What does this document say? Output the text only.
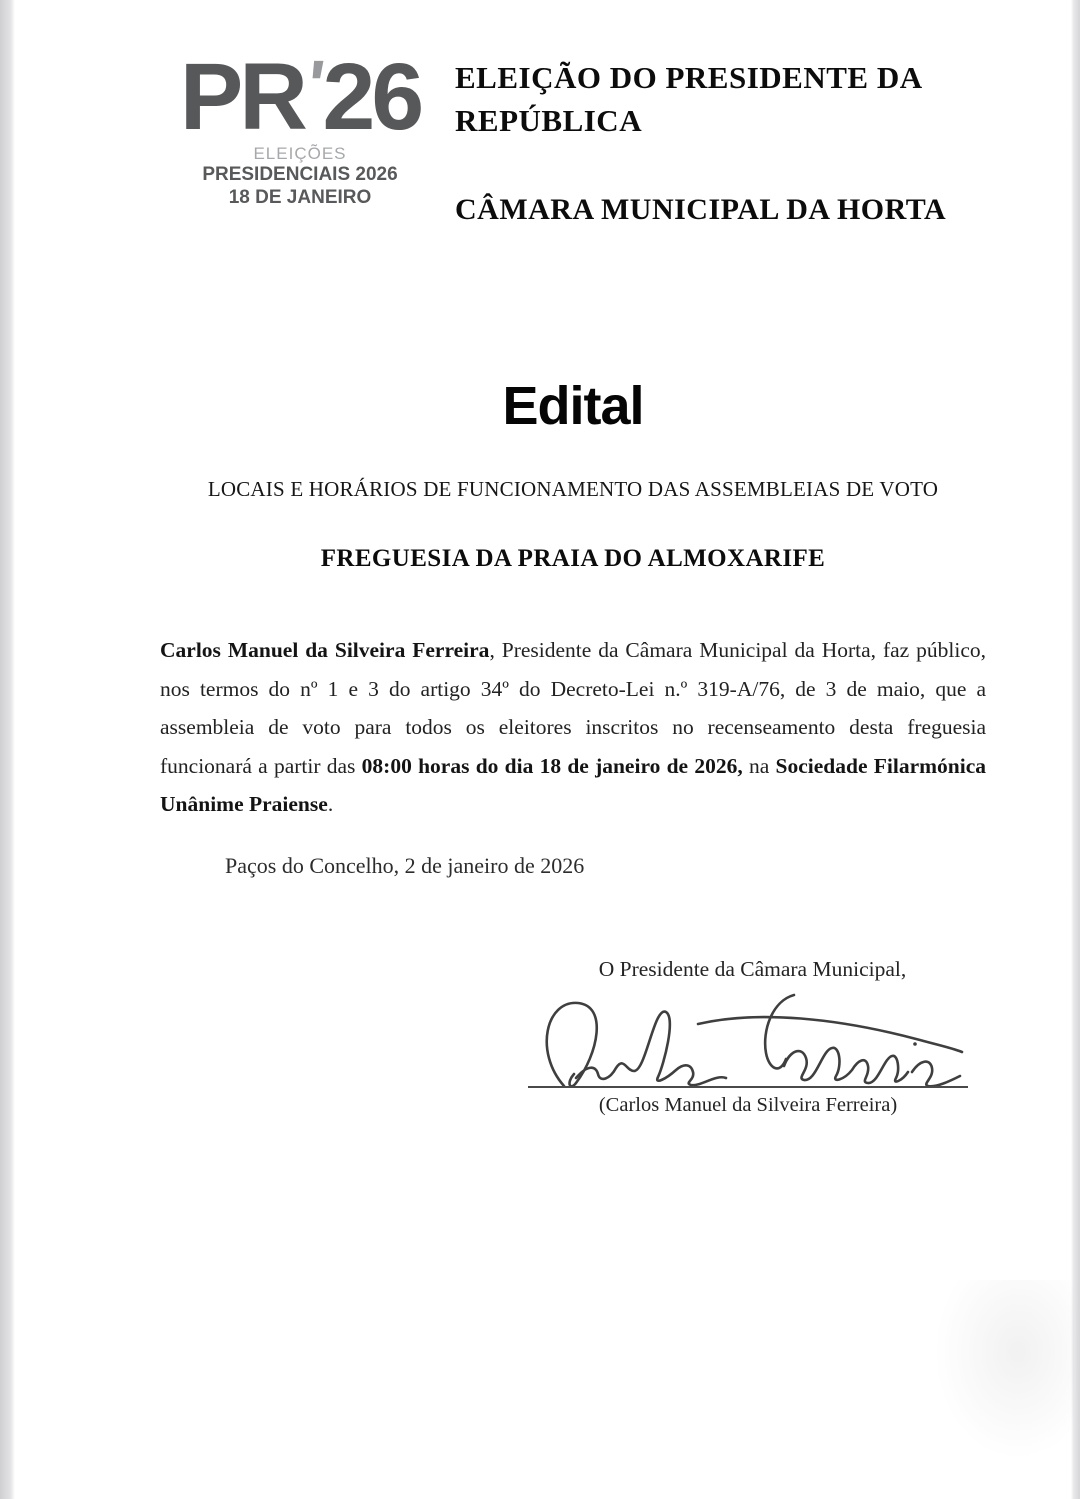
PR'26
ELEIÇÕES
PRESIDENCIAIS 2026
18 DE JANEIRO
ELEIÇÃO DO PRESIDENTE DA REPÚBLICA
CÂMARA MUNICIPAL DA HORTA
Edital
LOCAIS E HORÁRIOS DE FUNCIONAMENTO DAS ASSEMBLEIAS DE VOTO
FREGUESIA DA PRAIA DO ALMOXARIFE
Carlos Manuel da Silveira Ferreira, Presidente da Câmara Municipal da Horta, faz público, nos termos do nº 1 e 3 do artigo 34º do Decreto-Lei n.º 319-A/76, de 3 de maio, que a assembleia de voto para todos os eleitores inscritos no recenseamento desta freguesia funcionará a partir das 08:00 horas do dia 18 de janeiro de 2026, na Sociedade Filarmónica Unânime Praiense.
Paços do Concelho, 2 de janeiro de 2026
O Presidente da Câmara Municipal,
(Carlos Manuel da Silveira Ferreira)
